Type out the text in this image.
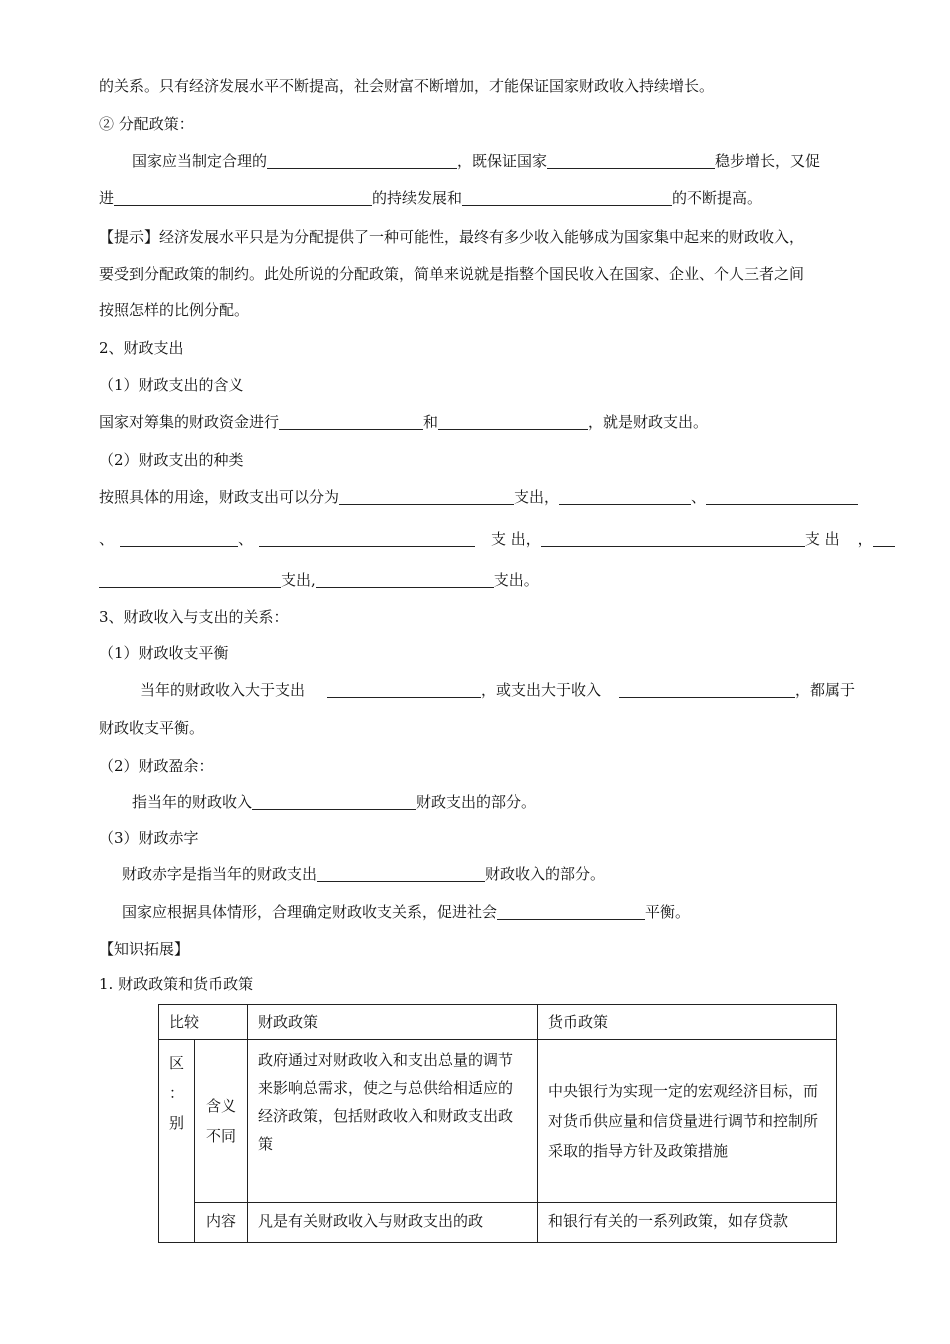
的关系。只有经济发展水平不断提高，社会财富不断增加，才能保证国家财政收入持续增长。
② 分配政策：
国家应当制定合理的	，既保证国家	稳步增长，又促
进	的持续发展和	的不断提高。
【提示】经济发展水平只是为分配提供了一种可能性，最终有多少收入能够成为国家集中起来的财政收入，
要受到分配政策的制约。此处所说的分配政策，简单来说就是指整个国民收入在国家、企业、个人三者之间
按照怎样的比例分配。
2、财政支出
（1）财政支出的含义
国家对筹集的财政资金进行	和	，就是财政支出。
（2）财政支出的种类
按照具体的用途，财政支出可以分为	支出，	、
、	、	支 出，	支 出 ，
支出,	支出。
3、财政收入与支出的关系：
（1）财政收支平衡
当年的财政收入大于支出	，或支出大于收入	，都属于
财政收支平衡。
（2）财政盈余：
指当年的财政收入	财政支出的部分。
（3）财政赤字
财政赤字是指当年的财政支出	财政收入的部分。
国家应根据具体情形，合理确定财政收支关系，促进社会	平衡。
【知识拓展】
1. 财政政策和货币政策
比较		财政政策	货币政策

区
：
别	含义不同	政府通过对财政收入和支出总量的调节来影响总需求，使之与总供给相适应的经济政策，包括财政收入和财政支出政策	中央银行为实现一定的宏观经济目标，而对货币供应量和信贷量进行调节和控制所采取的指导方针及政策措施

	内容	凡是有关财政收入与财政支出的政	和银行有关的一系列政策，如存贷款
